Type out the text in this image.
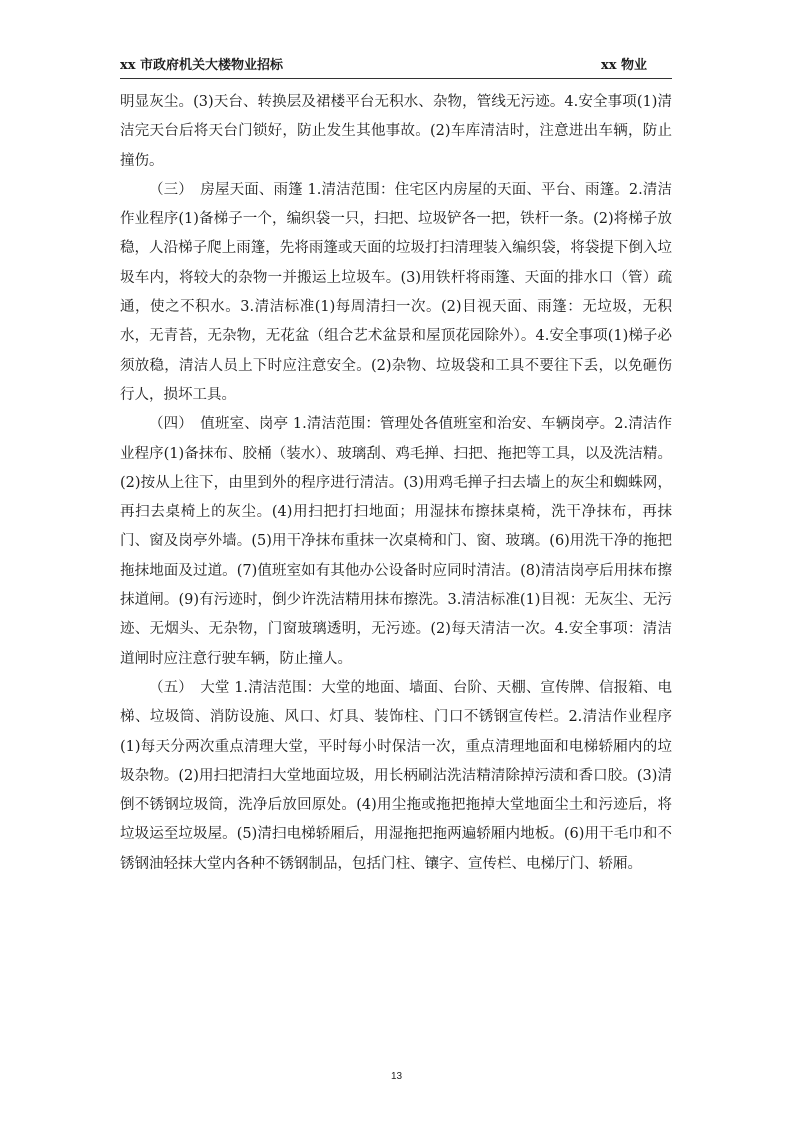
xx 市政府机关大楼物业招标	xx 物业

明显灰尘。(3)天台、转换层及裙楼平台无积水、杂物，管线无污迹。4.安全事项(1)清洁完天台后将天台门锁好，防止发生其他事故。(2)车库清洁时，注意进出车辆，防止撞伤。

（三）　房屋天面、雨篷 1.清洁范围：住宅区内房屋的天面、平台、雨篷。2.清洁作业程序(1)备梯子一个，编织袋一只，扫把、垃圾铲各一把，铁杆一条。(2)将梯子放稳，人沿梯子爬上雨篷，先将雨篷或天面的垃圾打扫清理装入编织袋，将袋提下倒入垃圾车内，将较大的杂物一并搬运上垃圾车。(3)用铁杆将雨篷、天面的排水口（管）疏通，使之不积水。3.清洁标准(1)每周清扫一次。(2)目视天面、雨篷：无垃圾，无积水，无青苔，无杂物，无花盆（组合艺术盆景和屋顶花园除外）。4.安全事项(1)梯子必须放稳，清洁人员上下时应注意安全。(2)杂物、垃圾袋和工具不要往下丢，以免砸伤行人，损坏工具。

（四）　值班室、岗亭 1.清洁范围：管理处各值班室和治安、车辆岗亭。2.清洁作业程序(1)备抹布、胶桶（装水）、玻璃刮、鸡毛掸、扫把、拖把等工具，以及洗洁精。(2)按从上往下，由里到外的程序进行清洁。(3)用鸡毛掸子扫去墙上的灰尘和蜘蛛网，再扫去桌椅上的灰尘。(4)用扫把打扫地面；用湿抹布擦抹桌椅，洗干净抹布，再抹门、窗及岗亭外墙。(5)用干净抹布重抹一次桌椅和门、窗、玻璃。(6)用洗干净的拖把拖抹地面及过道。(7)值班室如有其他办公设备时应同时清洁。(8)清洁岗亭后用抹布擦抹道闸。(9)有污迹时，倒少许洗洁精用抹布擦洗。3.清洁标准(1)目视：无灰尘、无污迹、无烟头、无杂物，门窗玻璃透明，无污迹。(2)每天清洁一次。4.安全事项：清洁道闸时应注意行驶车辆，防止撞人。

（五）　大堂 1.清洁范围：大堂的地面、墙面、台阶、天棚、宣传牌、信报箱、电梯、垃圾筒、消防设施、风口、灯具、装饰柱、门口不锈钢宣传栏。2.清洁作业程序(1)每天分两次重点清理大堂，平时每小时保洁一次，重点清理地面和电梯轿厢内的垃圾杂物。(2)用扫把清扫大堂地面垃圾，用长柄刷沾洗洁精清除掉污渍和香口胶。(3)清倒不锈钢垃圾筒，洗净后放回原处。(4)用尘拖或拖把拖掉大堂地面尘土和污迹后，将垃圾运至垃圾屋。(5)清扫电梯轿厢后，用湿拖把拖两遍轿厢内地板。(6)用干毛巾和不锈钢油轻抹大堂内各种不锈钢制品，包括门柱、镶字、宣传栏、电梯厅门、轿厢。

13
